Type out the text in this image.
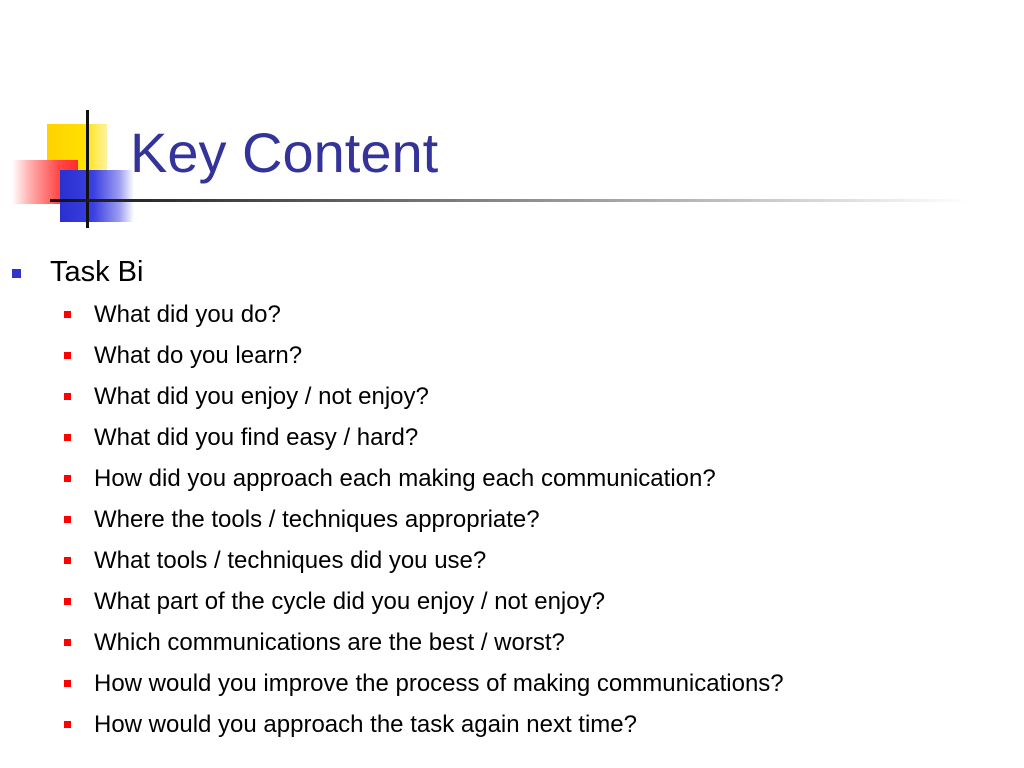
Key Content
Task Bi
What did you do?
What do you learn?
What did you enjoy / not enjoy?
What did you find easy / hard?
How did you approach each making each communication?
Where the tools / techniques appropriate?
What tools / techniques did you use?
What part of the cycle did you enjoy / not enjoy?
Which communications are the best / worst?
How would you improve the process of making communications?
How would you approach the task again next time?
